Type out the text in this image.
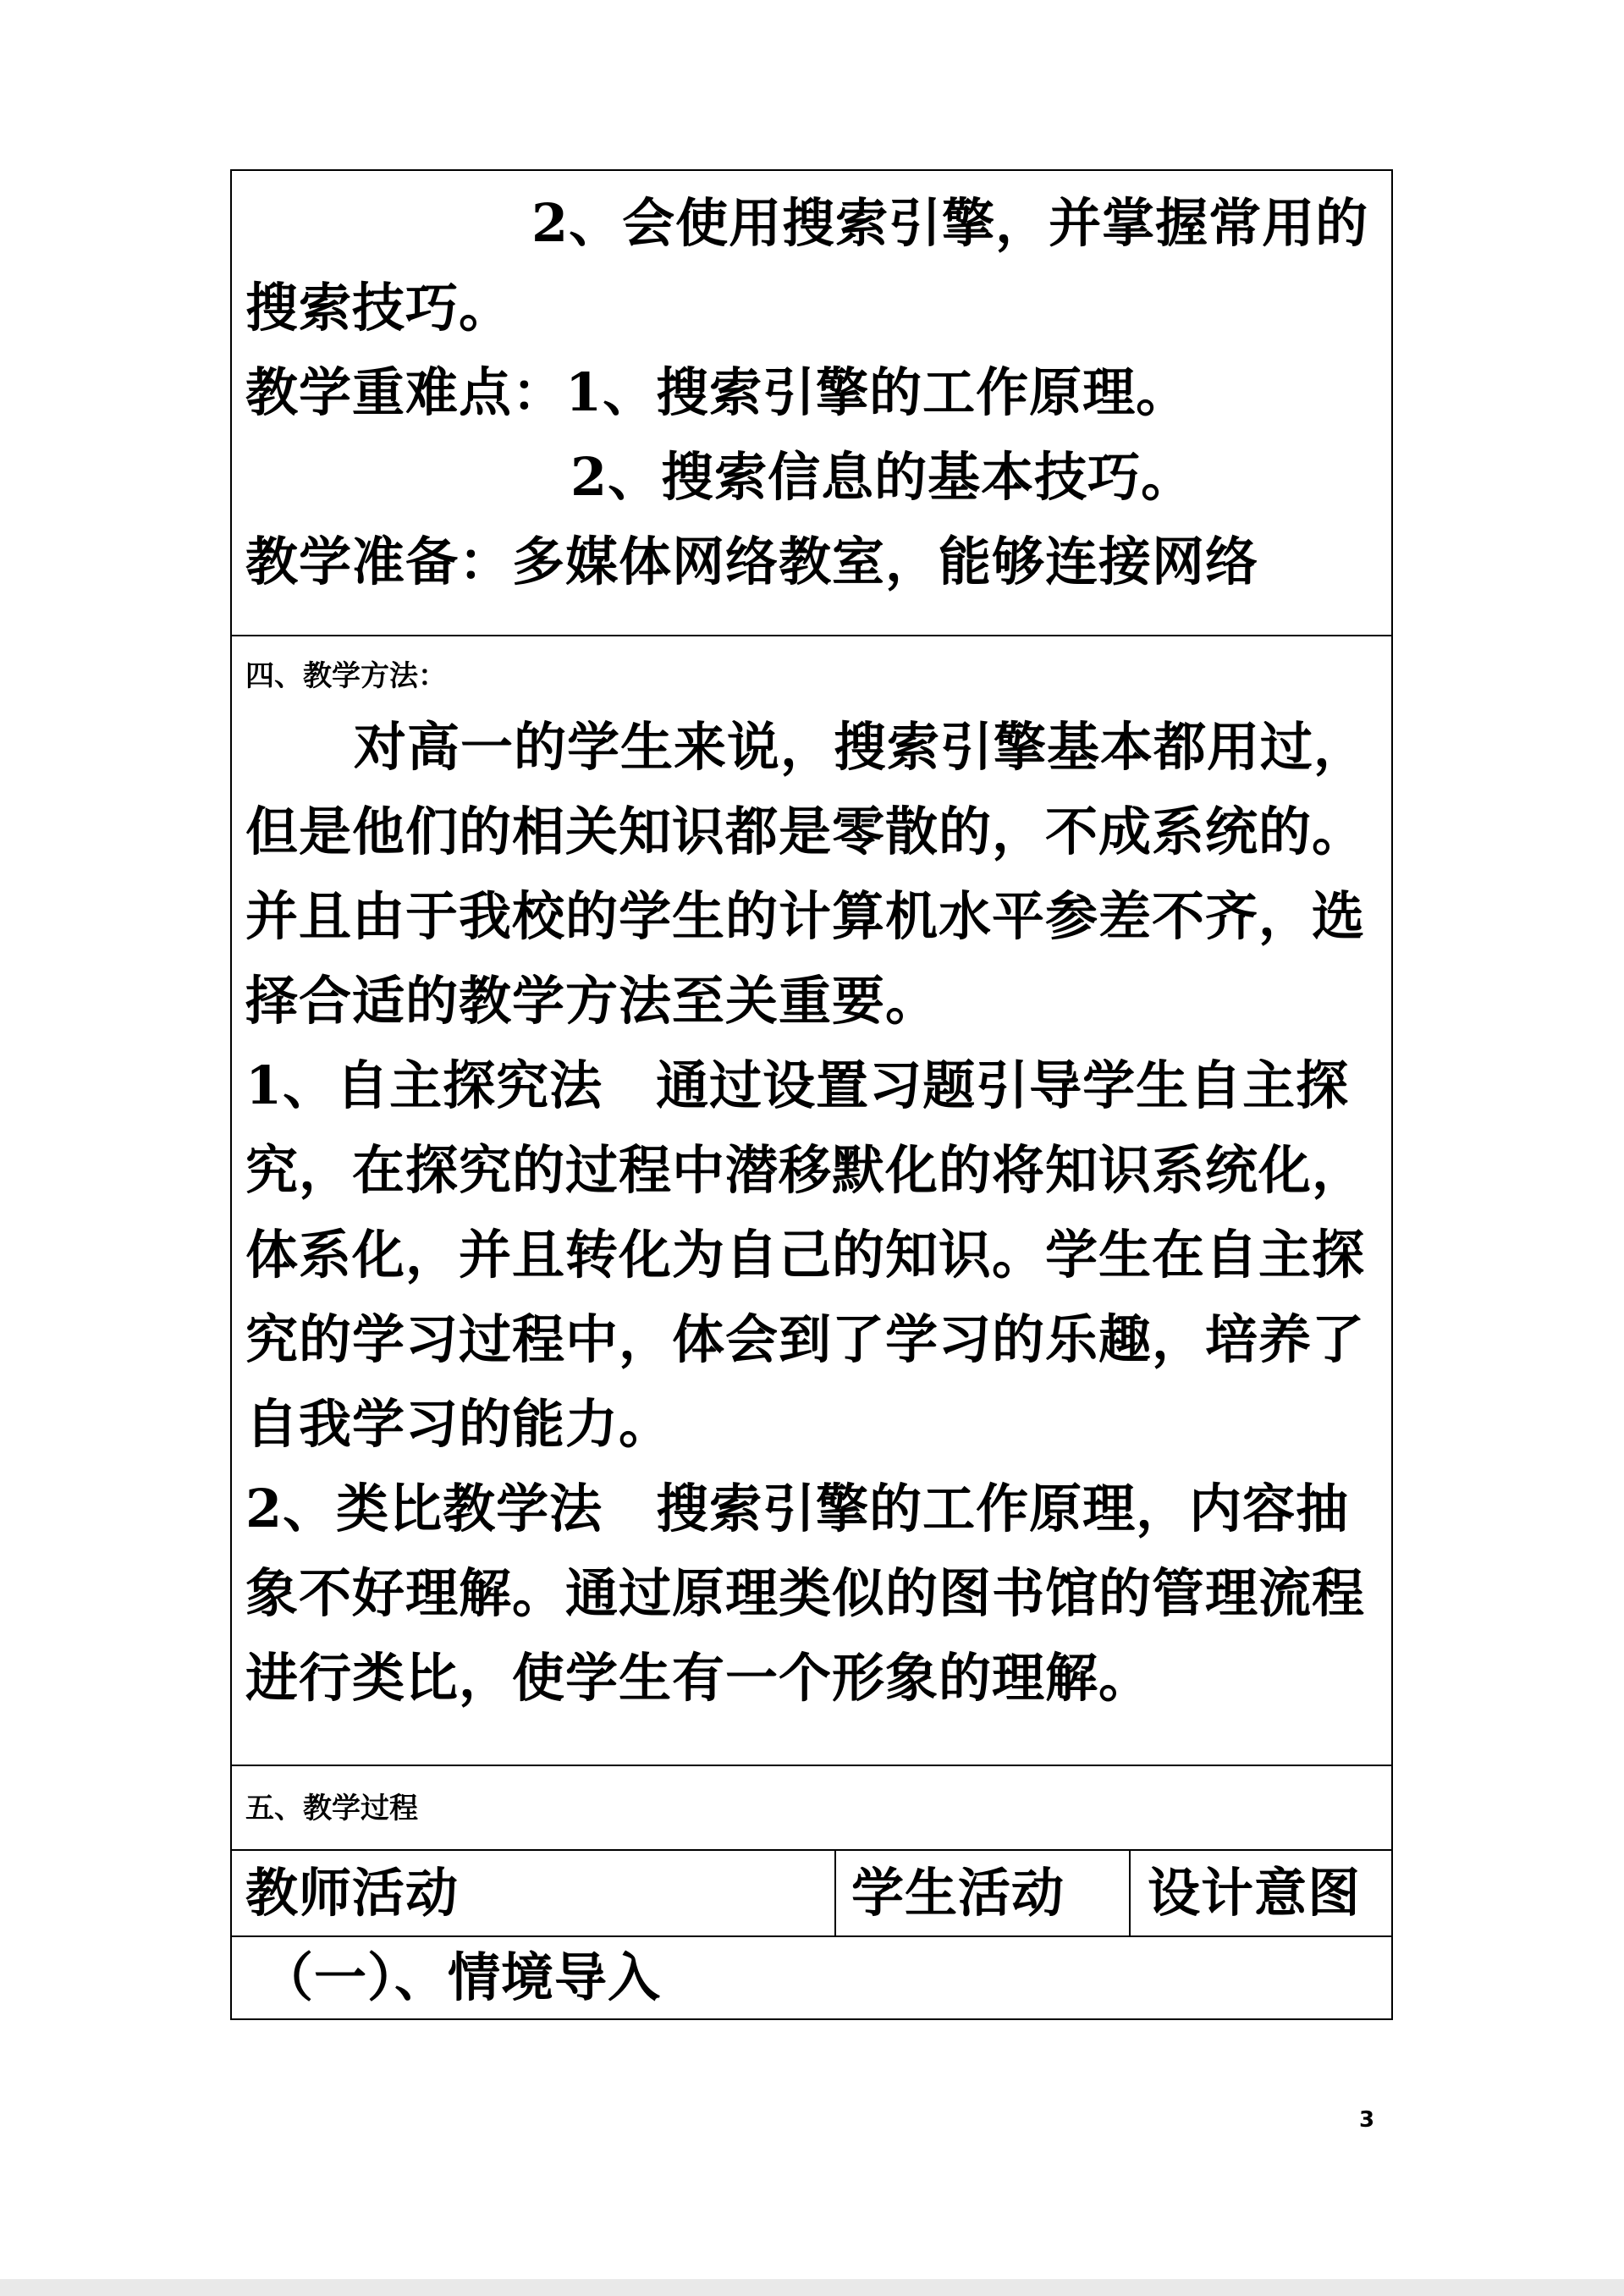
2、会使用搜索引擎，并掌握常用的
搜索技巧。
教学重难点：1、搜索引擎的工作原理。
2、搜索信息的基本技巧。
教学准备：多媒体网络教室，能够连接网络
四、教学方法：
对高一的学生来说，搜索引擎基本都用过，
但是他们的相关知识都是零散的，不成系统的。
并且由于我校的学生的计算机水平参差不齐，选
择合适的教学方法至关重要。
1、自主探究法　通过设置习题引导学生自主探
究，在探究的过程中潜移默化的将知识系统化，
体系化，并且转化为自己的知识。学生在自主探
究的学习过程中，体会到了学习的乐趣，培养了
自我学习的能力。
2、类比教学法　搜索引擎的工作原理，内容抽
象不好理解。通过原理类似的图书馆的管理流程
进行类比，使学生有一个形象的理解。
五、教学过程
教师活动	学生活动 设计意图
（一）、情境导入
3
